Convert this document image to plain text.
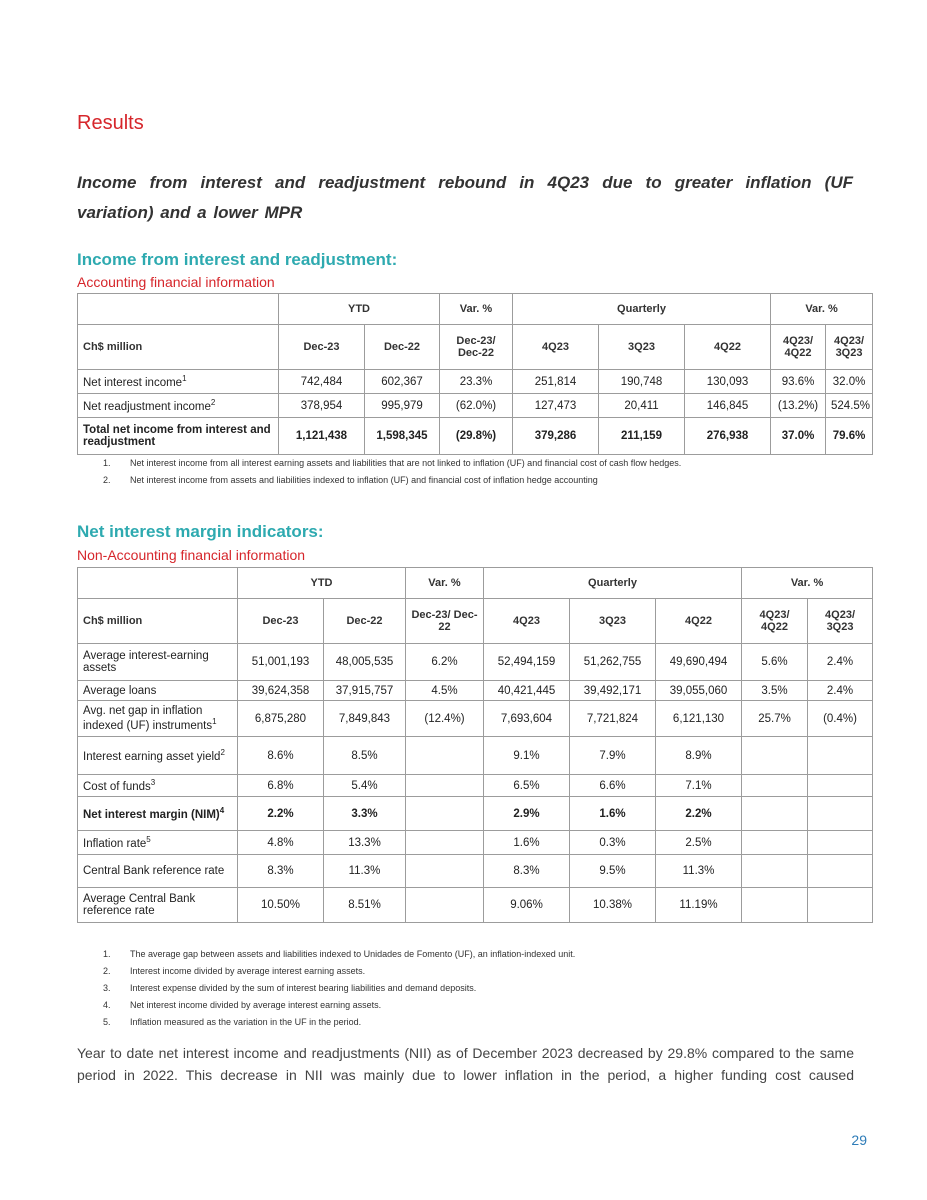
Results
Income from interest and readjustment rebound in 4Q23 due to greater inflation (UF variation) and a lower MPR
Income from interest and readjustment:
Accounting financial information
	YTD		Var. %	Quarterly			Var. %	
Ch$ million	Dec-23	Dec-22	Dec-23/ Dec-22	4Q23	3Q23	4Q22	4Q23/ 4Q22	4Q23/ 3Q23
Net interest income$^1$	742,484	602,367	23.3%	251,814	190,748	130,093	93.6%	32.0%
Net readjustment income$^2$	378,954	995,979	(62.0%)	127,473	20,411	146,845	(13.2%)	524.5%
Total net income from interest and readjustment	1,121,438	1,598,345	(29.8%)	379,286	211,159	276,938	37.0%	79.6%
1.	Net interest income from all interest earning assets and liabilities that are not linked to inflation (UF) and financial cost of cash flow hedges.
2.	Net interest income from assets and liabilities indexed to inflation (UF) and financial cost of inflation hedge accounting
Net interest margin indicators:
Non-Accounting financial information
	YTD		Var. %	Quarterly			Var. %	
Ch$ million	Dec-23	Dec-22	Dec-23/ Dec-22	4Q23	3Q23	4Q22	4Q23/ 4Q22	4Q23/ 3Q23
Average interest-earning assets	51,001,193	48,005,535	6.2%	52,494,159	51,262,755	49,690,494	5.6%	2.4%
Average loans	39,624,358	37,915,757	4.5%	40,421,445	39,492,171	39,055,060	3.5%	2.4%
Avg. net gap in inflation indexed (UF) instruments$^1$	6,875,280	7,849,843	(12.4%)	7,693,604	7,721,824	6,121,130	25.7%	(0.4%)
Interest earning asset yield$^2$	8.6%	8.5%		9.1%	7.9%	8.9%		
Cost of funds$^3$	6.8%	5.4%		6.5%	6.6%	7.1%		
Net interest margin (NIM)$^4$	2.2%	3.3%		2.9%	1.6%	2.2%		
Inflation rate$^5$	4.8%	13.3%		1.6%	0.3%	2.5%		
Central Bank reference rate	8.3%	11.3%		8.3%	9.5%	11.3%		
Average Central Bank reference rate	10.50%	8.51%		9.06%	10.38%	11.19%		
1.	The average gap between assets and liabilities indexed to Unidades de Fomento (UF), an inflation-indexed unit.
2.	Interest income divided by average interest earning assets.
3.	Interest expense divided by the sum of interest bearing liabilities and demand deposits.
4.	Net interest income divided by average interest earning assets.
5.	Inflation measured as the variation in the UF in the period.
Year to date net interest income and readjustments (NII) as of December 2023 decreased by 29.8% compared to the same period in 2022. This decrease in NII was mainly due to lower inflation in the period, a higher funding cost caused
29
